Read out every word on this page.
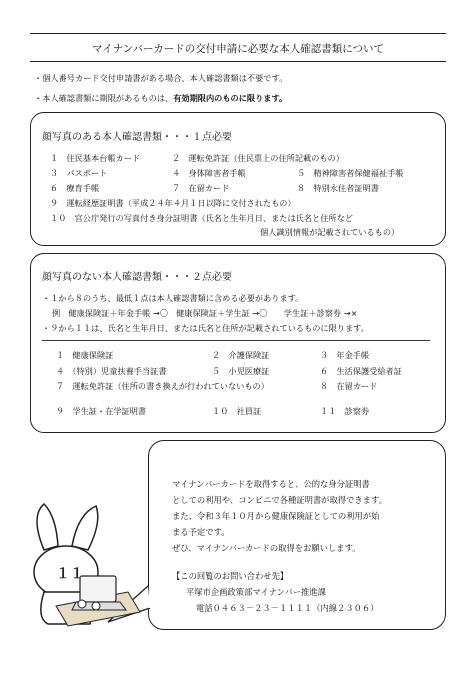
マイナンバーカードの交付申請に必要な本人確認書類について
・個人番号カード交付申請書がある場合、本人確認書類は不要です。
・本人確認書類に期限があるものは、有効期限内のものに限ります。
顔写真のある本人確認書類・・・１点必要
１　住民基本台帳カード	２　運転免許証（住民票上の住所記載のもの）
３　パスポート	４　身体障害者手帳	５　精神障害者保健福祉手帳
６　療育手帳	７　在留カード	８　特別永住者証明書
９　運転経歴証明書（平成２４年４月１日以降に交付されたもの）
１０　官公庁発行の写真付き身分証明書（氏名と生年月日、または氏名と住所など
個人識別情報が記載されているもの）
顔写真のない本人確認書類・・・２点必要
・１から８のうち、最低１点は本人確認書類に含める必要があります。
例　健康保険証＋年金手帳 →〇　健康保険証＋学生証 →〇　　学生証＋診察券 →×
・９から１１は、氏名と生年月日、または氏名と住所が記載されているものに限ります。
１　健康保険証	２　介護保険証	３　年金手帳
４　（特別）児童扶養手当証書	５　小児医療証	６　生活保護受給者証
７　運転免許証（住所の書き換えが行われていないもの）	８　在留カード
９　学生証・在学証明書	１０　社員証	１１　診察券
マイナンバーカードを取得すると、公的な身分証明書
としての利用や、コンビニで各種証明書が取得できます。
また、令和３年１０月から健康保険証としての利用が始
まる予定です。
ぜひ、マイナンバーカードの取得をお願いします。
【この回覧のお問い合わせ先】
平塚市企画政策部マイナンバー推進課
電話０４６３－２３－１１１１（内線２３０６）
１１
